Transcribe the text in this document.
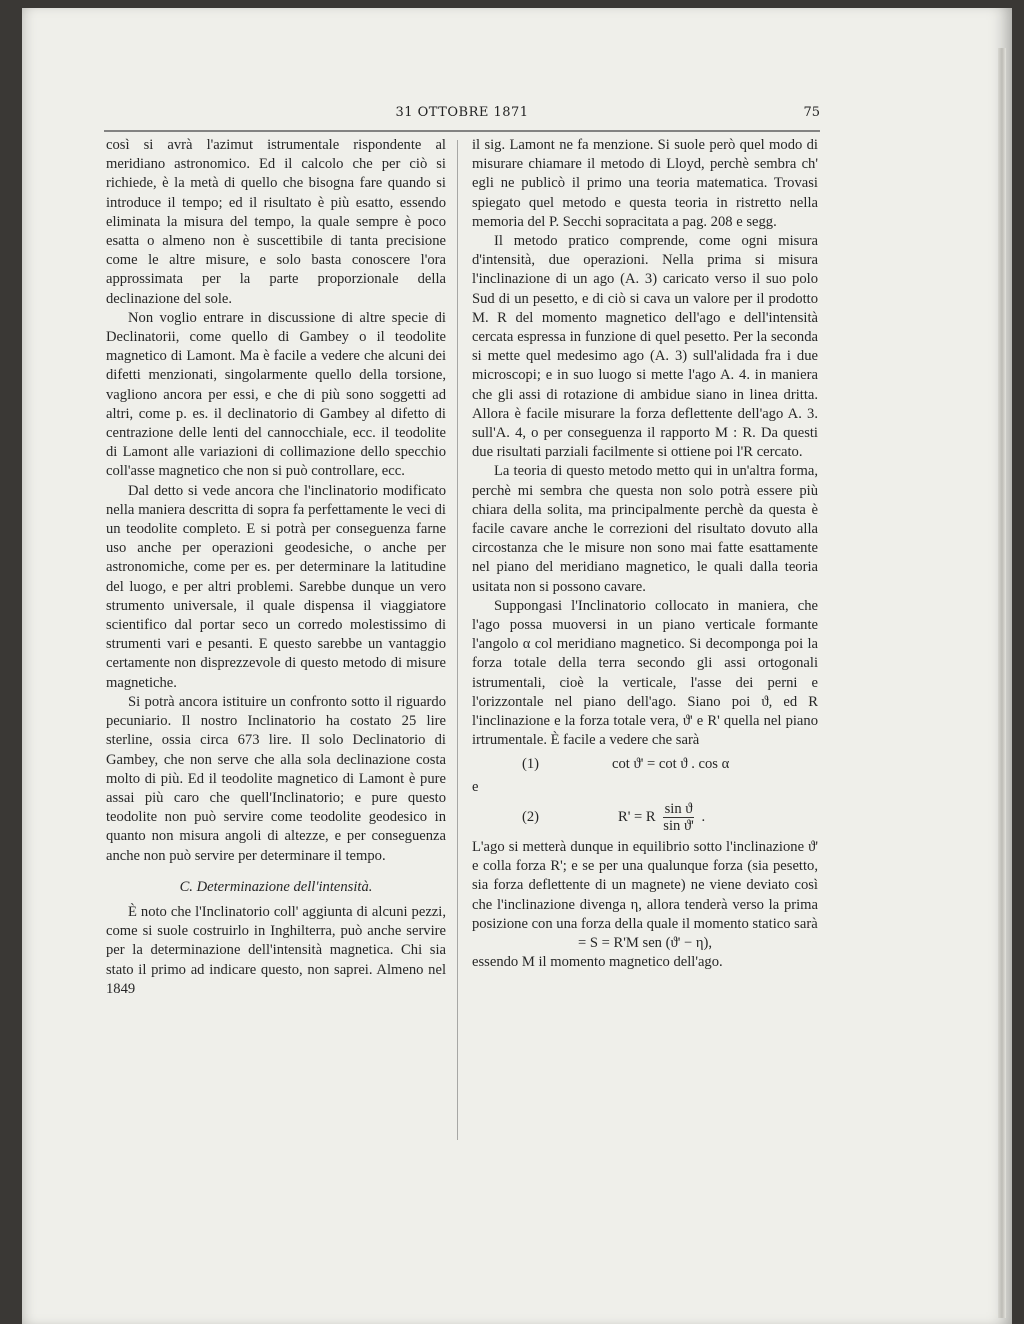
31 OTTOBRE 1871	75

così si avrà l'azimut istrumentale rispondente al meridiano astronomico. Ed il calcolo che per ciò si richiede, è la metà di quello che bisogna fare quando si introduce il tempo; ed il risultato è più esatto, essendo eliminata la misura del tempo, la quale sempre è poco esatta o almeno non è suscettibile di tanta precisione come le altre misure, e solo basta conoscere l'ora approssimata per la parte proporzionale della declinazione del sole.

Non voglio entrare in discussione di altre specie di Declinatorii, come quello di Gambey o il teodolite magnetico di Lamont. Ma è facile a vedere che alcuni dei difetti menzionati, singolarmente quello della torsione, vagliono ancora per essi, e che di più sono soggetti ad altri, come p. es. il declinatorio di Gambey al difetto di centrazione delle lenti del cannocchiale, ecc. il teodolite di Lamont alle variazioni di collimazione dello specchio coll'asse magnetico che non si può controllare, ecc.

Dal detto si vede ancora che l'inclinatorio modificato nella maniera descritta di sopra fa perfettamente le veci di un teodolite completo. E si potrà per conseguenza farne uso anche per operazioni geodesiche, o anche per astronomiche, come per es. per determinare la latitudine del luogo, e per altri problemi. Sarebbe dunque un vero strumento universale, il quale dispensa il viaggiatore scientifico dal portar seco un corredo molestissimo di strumenti vari e pesanti. E questo sarebbe un vantaggio certamente non disprezzevole di questo metodo di misure magnetiche.

Si potrà ancora istituire un confronto sotto il riguardo pecuniario. Il nostro Inclinatorio ha costato 25 lire sterline, ossia circa 673 lire. Il solo Declinatorio di Gambey, che non serve che alla sola declinazione costa molto di più. Ed il teodolite magnetico di Lamont è pure assai più caro che quell'Inclinatorio; e pure questo teodolite non può servire come teodolite geodesico in quanto non misura angoli di altezze, e per conseguenza anche non può servire per determinare il tempo.

C. Determinazione dell'intensità.

È noto che l'Inclinatorio coll' aggiunta di alcuni pezzi, come si suole costruirlo in Inghilterra, può anche servire per la determinazione dell'intensità magnetica. Chi sia stato il primo ad indicare questo, non saprei. Almeno nel 1849

il sig. Lamont ne fa menzione. Si suole però quel modo di misurare chiamare il metodo di Lloyd, perchè sembra ch' egli ne publicò il primo una teoria matematica. Trovasi spiegato quel metodo e questa teoria in ristretto nella memoria del P. Secchi sopracitata a pag. 208 e segg.

Il metodo pratico comprende, come ogni misura d'intensità, due operazioni. Nella prima si misura l'inclinazione di un ago (A. 3) caricato verso il suo polo Sud di un pesetto, e di ciò si cava un valore per il prodotto M. R del momento magnetico dell'ago e dell'intensità cercata espressa in funzione di quel pesetto. Per la seconda si mette quel medesimo ago (A. 3) sull'alidada fra i due microscopi; e in suo luogo si mette l'ago A. 4. in maniera che gli assi di rotazione di ambidue siano in linea dritta. Allora è facile misurare la forza deflettente dell'ago A. 3. sull'A. 4, o per conseguenza il rapporto M : R. Da questi due risultati parziali facilmente si ottiene poi l'R cercato.

La teoria di questo metodo metto qui in un'altra forma, perchè mi sembra che questa non solo potrà essere più chiara della solita, ma principalmente perchè da questa è facile cavare anche le correzioni del risultato dovuto alla circostanza che le misure non sono mai fatte esattamente nel piano del meridiano magnetico, le quali dalla teoria usitata non si possono cavare.

Suppongasi l'Inclinatorio collocato in maniera, che l'ago possa muoversi in un piano verticale formante l'angolo α col meridiano magnetico. Si decomponga poi la forza totale della terra secondo gli assi ortogonali istrumentali, cioè la verticale, l'asse dei perni e l'orizzontale nel piano dell'ago. Siano poi ϑ, ed R l'inclinazione e la forza totale vera, ϑ' e R' quella nel piano irtrumentale. È facile a vedere che sarà

(1)	cot ϑ' = cot ϑ . cos α

e

(2)	R' = R $\frac{\text{sin ϑ}}{\text{sin ϑ'}}$ .

L'ago si metterà dunque in equilibrio sotto l'inclinazione ϑ' e colla forza R'; e se per una qualunque forza (sia pesetto, sia forza deflettente di un magnete) ne viene deviato così che l'inclinazione divenga η, allora tenderà verso la prima posizione con una forza della quale il momento statico sarà

= S = R'M sen (ϑ' − η),

essendo M il momento magnetico dell'ago.
